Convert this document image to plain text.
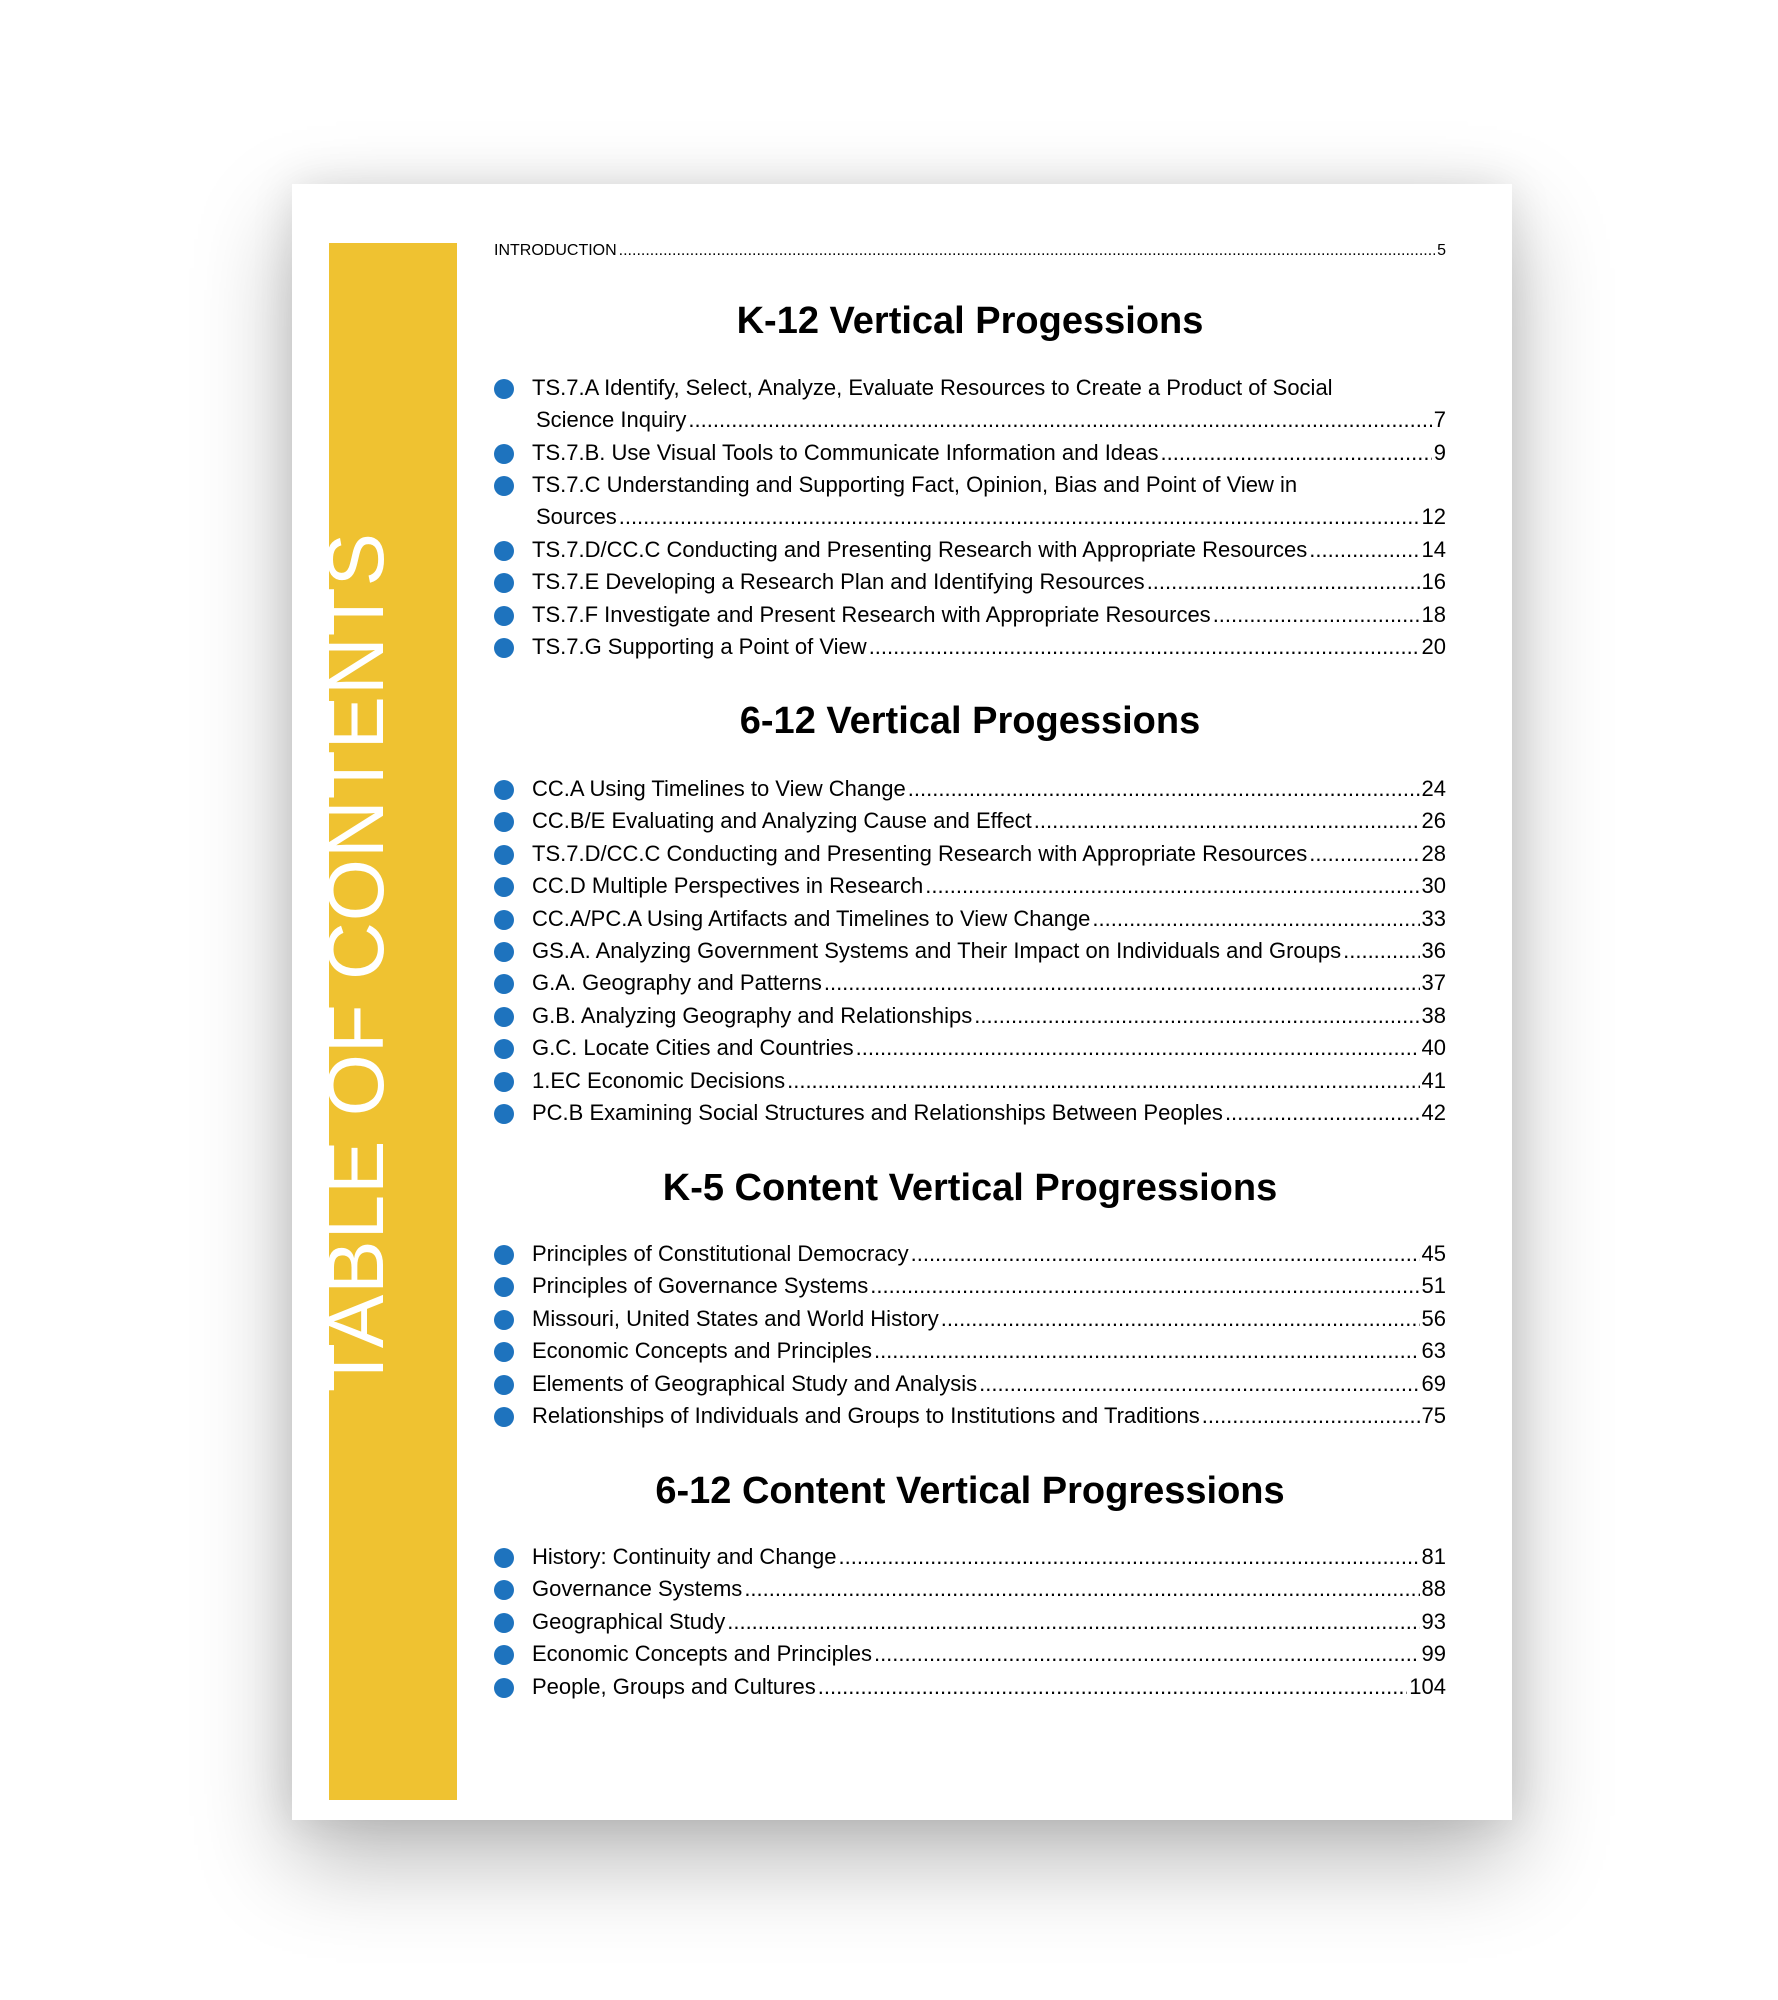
TABLE OF CONTENTS
INTRODUCTION .....	5
K-12 Vertical Progessions
TS.7.A Identify, Select, Analyze, Evaluate Resources to Create a Product of Social
Science Inquiry .....	7
TS.7.B. Use Visual Tools to Communicate Information and Ideas .....	9
TS.7.C Understanding and Supporting Fact, Opinion, Bias and Point of View in
Sources .....	12
TS.7.D/CC.C Conducting and Presenting Research with Appropriate Resources .....	14
TS.7.E Developing a Research Plan and Identifying Resources .....	16
TS.7.F Investigate and Present Research with Appropriate Resources .....	18
TS.7.G Supporting a Point of View .....	20
6-12 Vertical Progessions
CC.A Using Timelines to View Change .....	24
CC.B/E Evaluating and Analyzing Cause and Effect .....	26
TS.7.D/CC.C Conducting and Presenting Research with Appropriate Resources .....	28
CC.D Multiple Perspectives in Research .....	30
CC.A/PC.A Using Artifacts and Timelines to View Change .....	33
GS.A. Analyzing Government Systems and Their Impact on Individuals and Groups .....	36
G.A. Geography and Patterns .....	37
G.B. Analyzing Geography and Relationships .....	38
G.C. Locate Cities and Countries .....	40
1.EC Economic Decisions .....	41
PC.B Examining Social Structures and Relationships Between Peoples .....	42
K-5 Content Vertical Progressions
Principles of Constitutional Democracy .....	45
Principles of Governance Systems .....	51
Missouri, United States and World History .....	56
Economic Concepts and Principles .....	63
Elements of Geographical Study and Analysis .....	69
Relationships of Individuals and Groups to Institutions and Traditions .....	75
6-12 Content Vertical Progressions
History: Continuity and Change .....	81
Governance Systems .....	88
Geographical Study .....	93
Economic Concepts and Principles .....	99
People, Groups and Cultures .....	104
